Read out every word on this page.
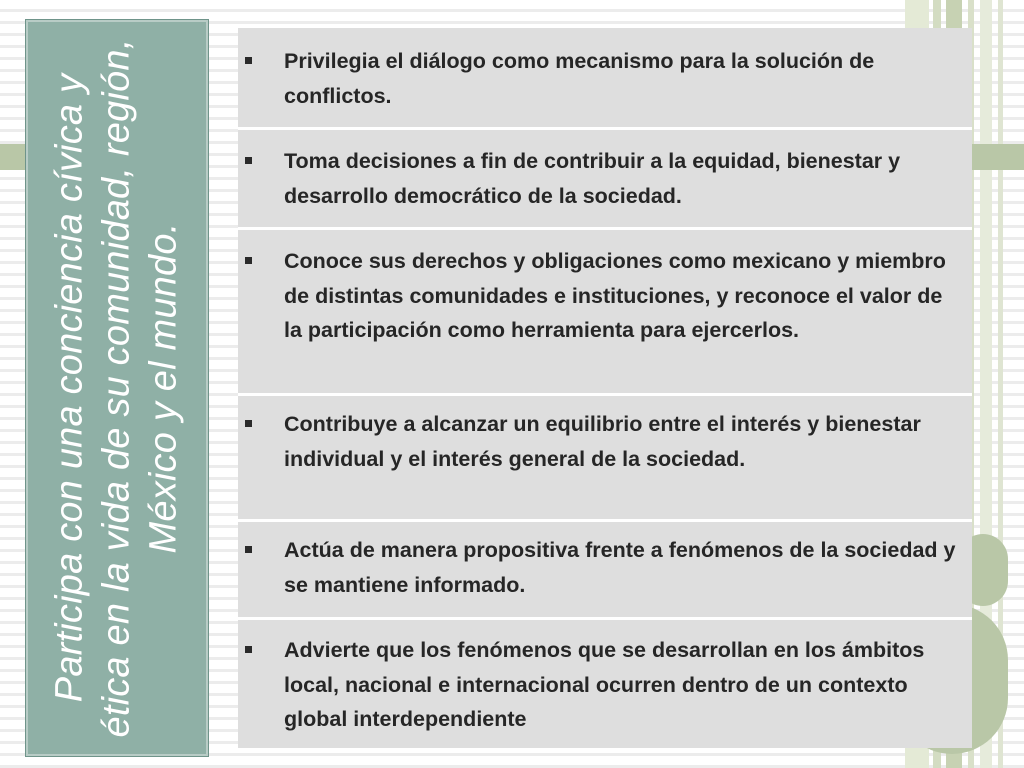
Participa con una conciencia cívica y ética en la vida de su comunidad, región, México y el mundo.
Privilegia el diálogo como mecanismo para la solución de conflictos.
Toma decisiones a fin de contribuir a la equidad, bienestar y desarrollo democrático de la sociedad.
Conoce sus derechos y obligaciones como mexicano y miembro de distintas comunidades e instituciones, y reconoce el valor de la participación como herramienta para ejercerlos.
Contribuye a alcanzar un equilibrio entre el interés y bienestar individual y el interés general de la sociedad.
Actúa de manera propositiva frente a fenómenos de la sociedad y se mantiene informado.
Advierte que los fenómenos que se desarrollan en los ámbitos local, nacional e internacional ocurren dentro de un contexto global interdependiente
